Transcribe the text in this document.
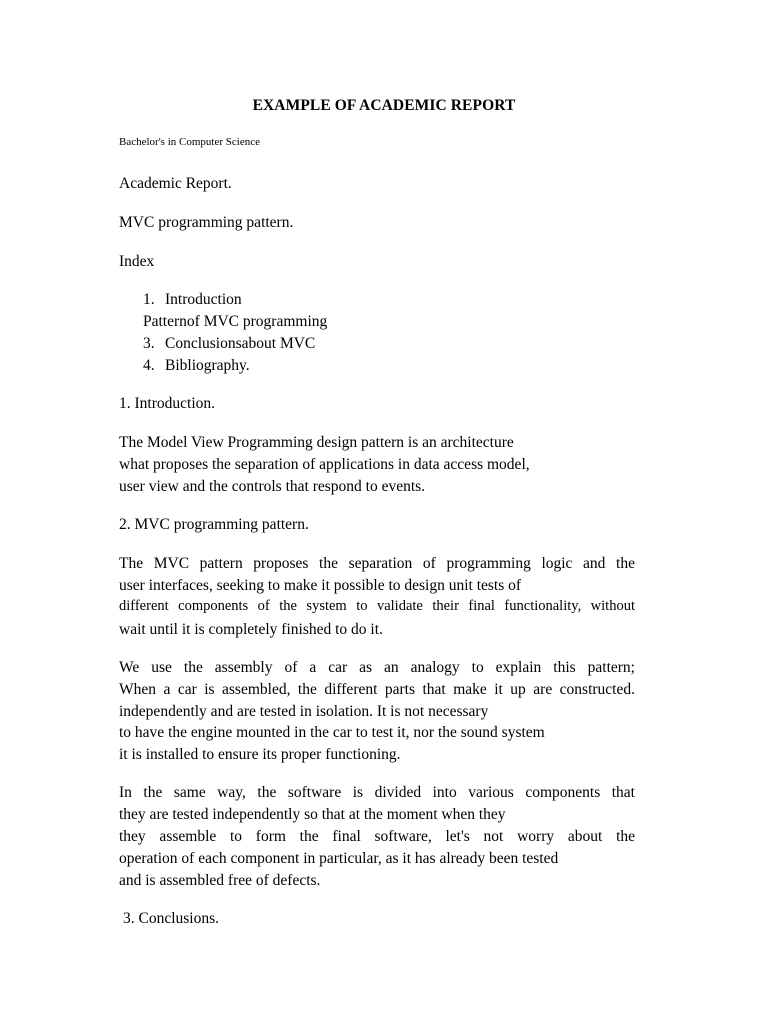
EXAMPLE OF ACADEMIC REPORT

Bachelor's in Computer Science

Academic Report.

MVC programming pattern.

Index

1. Introduction

Patternof MVC programming

3. Conclusionsabout MVC

4. Bibliography.

1. Introduction.

The Model View Programming design pattern is an architecture

what proposes the separation of applications in data access model,

user view and the controls that respond to events.

2. MVC programming pattern.

The MVC pattern proposes the separation of programming logic and the

user interfaces, seeking to make it possible to design unit tests of

different components of the system to validate their final functionality, without

wait until it is completely finished to do it.

We use the assembly of a car as an analogy to explain this pattern;

When a car is assembled, the different parts that make it up are constructed.

independently and are tested in isolation. It is not necessary

to have the engine mounted in the car to test it, nor the sound system

it is installed to ensure its proper functioning.

In the same way, the software is divided into various components that

they are tested independently so that at the moment when they

they assemble to form the final software, let's not worry about the

operation of each component in particular, as it has already been tested

and is assembled free of defects.

3. Conclusions.
